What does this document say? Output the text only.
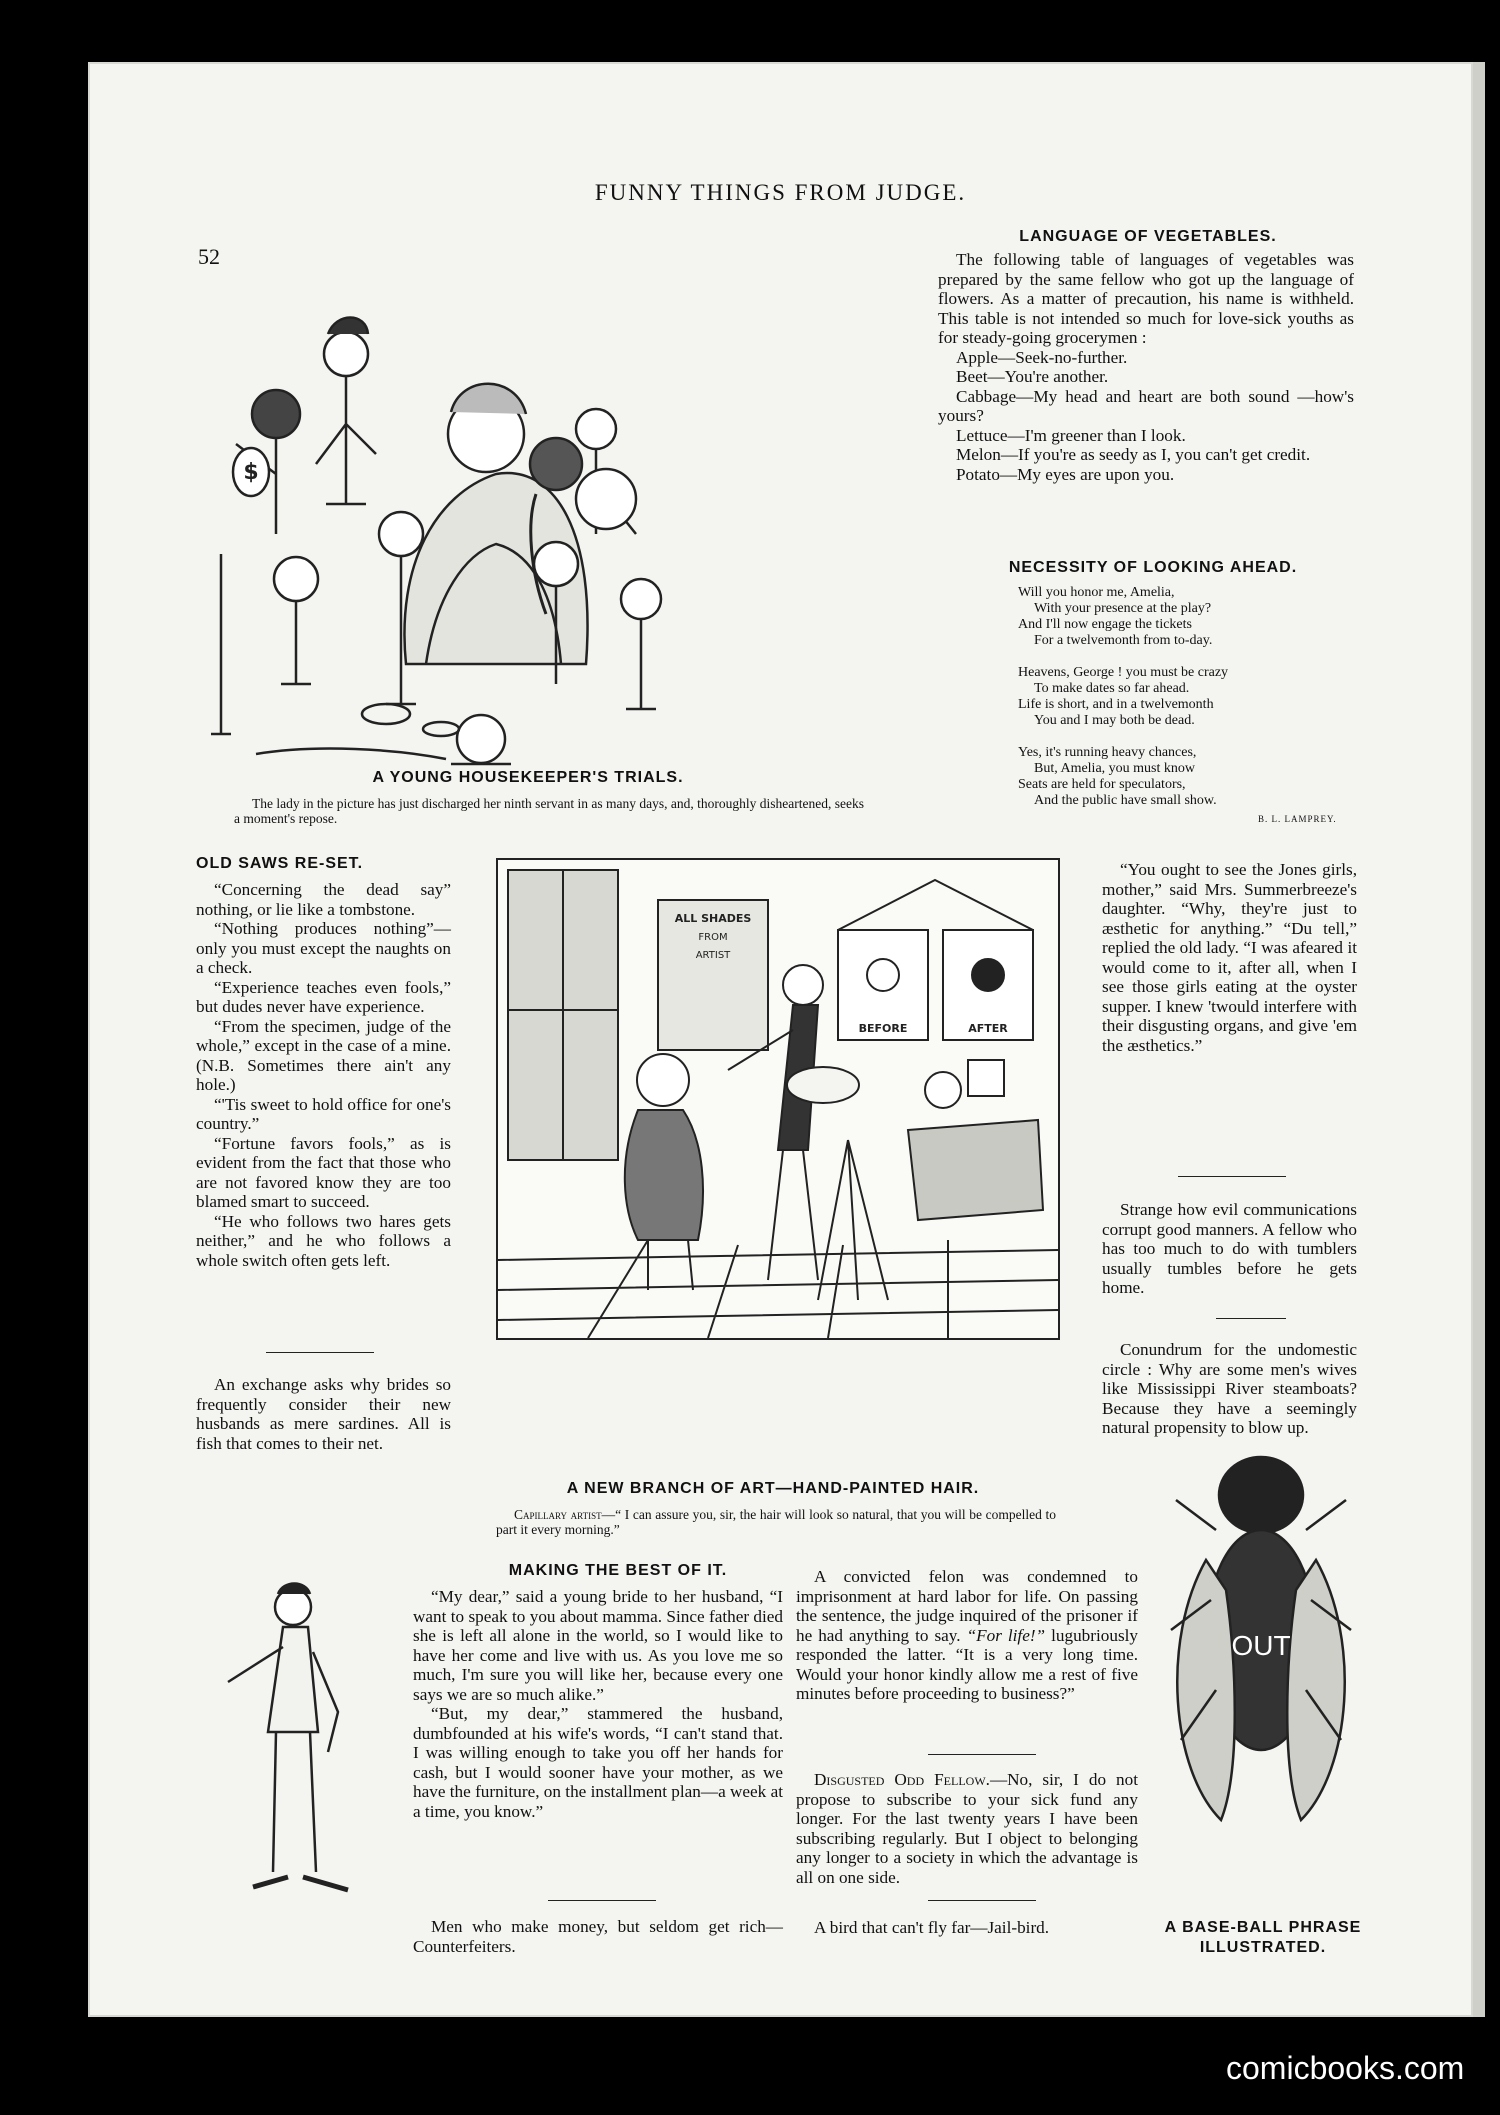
52
FUNNY THINGS FROM JUDGE.
$
A YOUNG HOUSEKEEPER'S TRIALS.

The lady in the picture has just discharged her ninth servant in as many days, and, thoroughly disheartened, seeks a moment's repose.

LANGUAGE OF VEGETABLES.

The following table of languages of vegetables was prepared by the same fellow who got up the language of flowers. As a matter of precaution, his name is withheld. This table is not intended so much for love-sick youths as for steady-going grocerymen :

Apple—Seek-no-further.

Beet—You're another.

Cabbage—My head and heart are both sound —how's yours?

Lettuce—I'm greener than I look.

Melon—If you're as seedy as I, you can't get credit.

Potato—My eyes are upon you.

NECESSITY OF LOOKING AHEAD.
Will you honor me, Amelia,
With your presence at the play?
And I'll now engage the tickets
For a twelvemonth from to-day.
Heavens, George ! you must be crazy
To make dates so far ahead.
Life is short, and in a twelvemonth
You and I may both be dead.
Yes, it's running heavy chances,
But, Amelia, you must know
Seats are held for speculators,
And the public have small show.
B. L. LAMPREY.
OLD SAWS RE-SET.

“Concerning the dead say” nothing, or lie like a tombstone.

“Nothing produces nothing”—only you must except the naughts on a check.

“Experience teaches even fools,” but dudes never have experience.

“From the specimen, judge of the whole,” except in the case of a mine. (N.B. Sometimes there ain't any hole.)

“'Tis sweet to hold office for one's country.”

“Fortune favors fools,” as is evident from the fact that those who are not favored know they are too blamed smart to succeed.

“He who follows two hares gets neither,” and he who follows a whole switch often gets left.

An exchange asks why brides so frequently consider their new husbands as mere sardines. All is fish that comes to their net.

ALL SHADES
FROM
ARTIST
BEFORE	AFTER
A NEW BRANCH OF ART—HAND-PAINTED HAIR.

Capillary artist—“ I can assure you, sir, the hair will look so natural, that you will be compelled to part it every morning.”

“You ought to see the Jones girls, mother,” said Mrs. Summerbreeze's daughter. “Why, they're just to æsthetic for anything.” “Du tell,” replied the old lady. “I was afeared it would come to it, after all, when I see those girls eating at the oyster supper. I knew 'twould interfere with their disgusting organs, and give 'em the æsthetics.”

Strange how evil communications corrupt good manners. A fellow who has too much to do with tumblers usually tumbles before he gets home.

Conundrum for the undomestic circle : Why are some men's wives like Mississippi River steamboats? Because they have a seemingly natural propensity to blow up.

MAKING THE BEST OF IT.

“My dear,” said a young bride to her husband, “I want to speak to you about mamma. Since father died she is left all alone in the world, so I would like to have her come and live with us. As you love me so much, I'm sure you will like her, because every one says we are so much alike.”

“But, my dear,” stammered the husband, dumbfounded at his wife's words, “I can't stand that. I was willing enough to take you off her hands for cash, but I would sooner have your mother, as we have the furniture, on the installment plan—a week at a time, you know.”

Men who make money, but seldom get rich—Counterfeiters.

A convicted felon was condemned to imprisonment at hard labor for life. On passing the sentence, the judge inquired of the prisoner if he had anything to say. “For life!” lugubriously responded the latter. “It is a very long time. Would your honor kindly allow me a rest of five minutes before proceeding to business?”

Disgusted Odd Fellow.—No, sir, I do not propose to subscribe to your sick fund any longer. For the last twenty years I have been subscribing regularly. But I object to belonging any longer to a society in which the advantage is all on one side.

A bird that can't fly far—Jail-bird.

OUT
A BASE-BALL PHRASE ILLUSTRATED.
comicbooks.com
